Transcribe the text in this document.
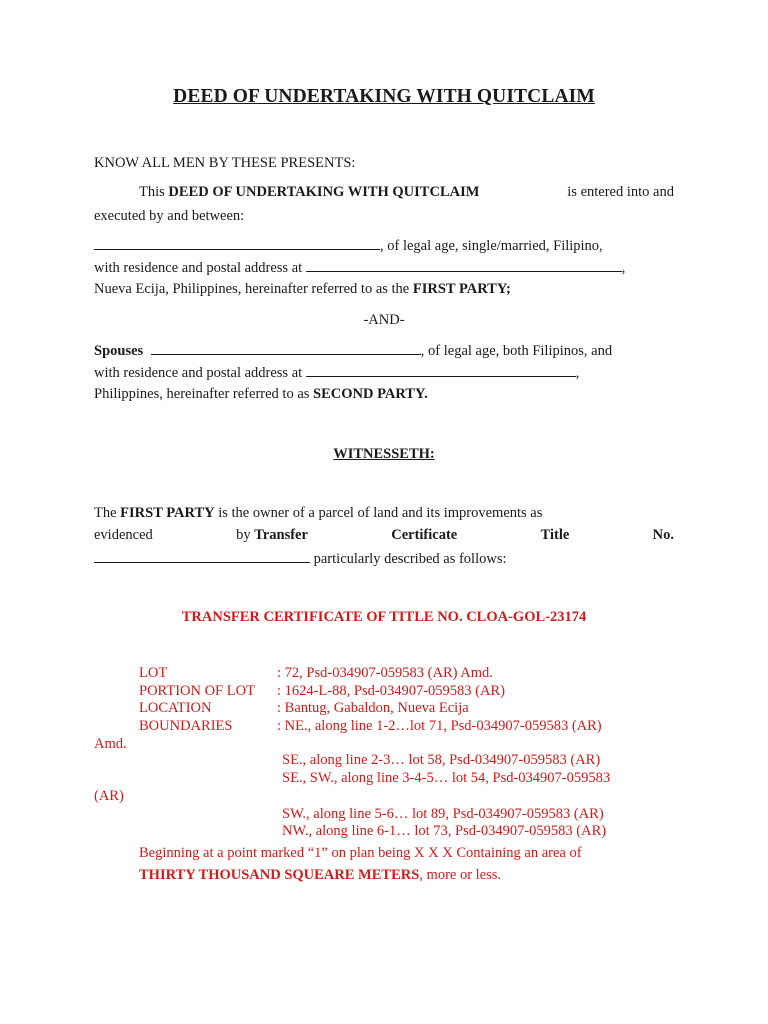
DEED OF UNDERTAKING WITH QUITCLAIM
KNOW ALL MEN BY THESE PRESENTS:
This DEED OF UNDERTAKING WITH QUITCLAIM	is entered into and
executed by and between:
, of legal age, single/married, Filipino,
with residence and postal address at	,
Nueva Ecija, Philippines, hereinafter referred to as the FIRST PARTY;
-AND-
Spouses	, of legal age, both Filipinos, and
with residence and postal address at	,
Philippines, hereinafter referred to as SECOND PARTY.
WITNESSETH:
The FIRST PARTY is the owner of a parcel of land and its improvements as
evidenced	by Transfer	Certificate	Title	No.
particularly described as follows:
TRANSFER CERTIFICATE OF TITLE NO. CLOA-GOL-23174
LOT	: 72, Psd-034907-059583 (AR) Amd.
PORTION OF LOT : 1624-L-88, Psd-034907-059583 (AR)
LOCATION	: Bantug, Gabaldon, Nueva Ecija
BOUNDARIES	: NE., along line 1-2…lot 71, Psd-034907-059583 (AR)
Amd.
SE., along line 2-3… lot 58, Psd-034907-059583 (AR)
SE., SW., along line 3-4-5… lot 54, Psd-034907-059583
(AR)
SW., along line 5-6… lot 89, Psd-034907-059583 (AR)
NW., along line 6-1… lot 73, Psd-034907-059583 (AR)
Beginning at a point marked “1” on plan being X X X Containing an area of
THIRTY THOUSAND SQUEARE METERS, more or less.
